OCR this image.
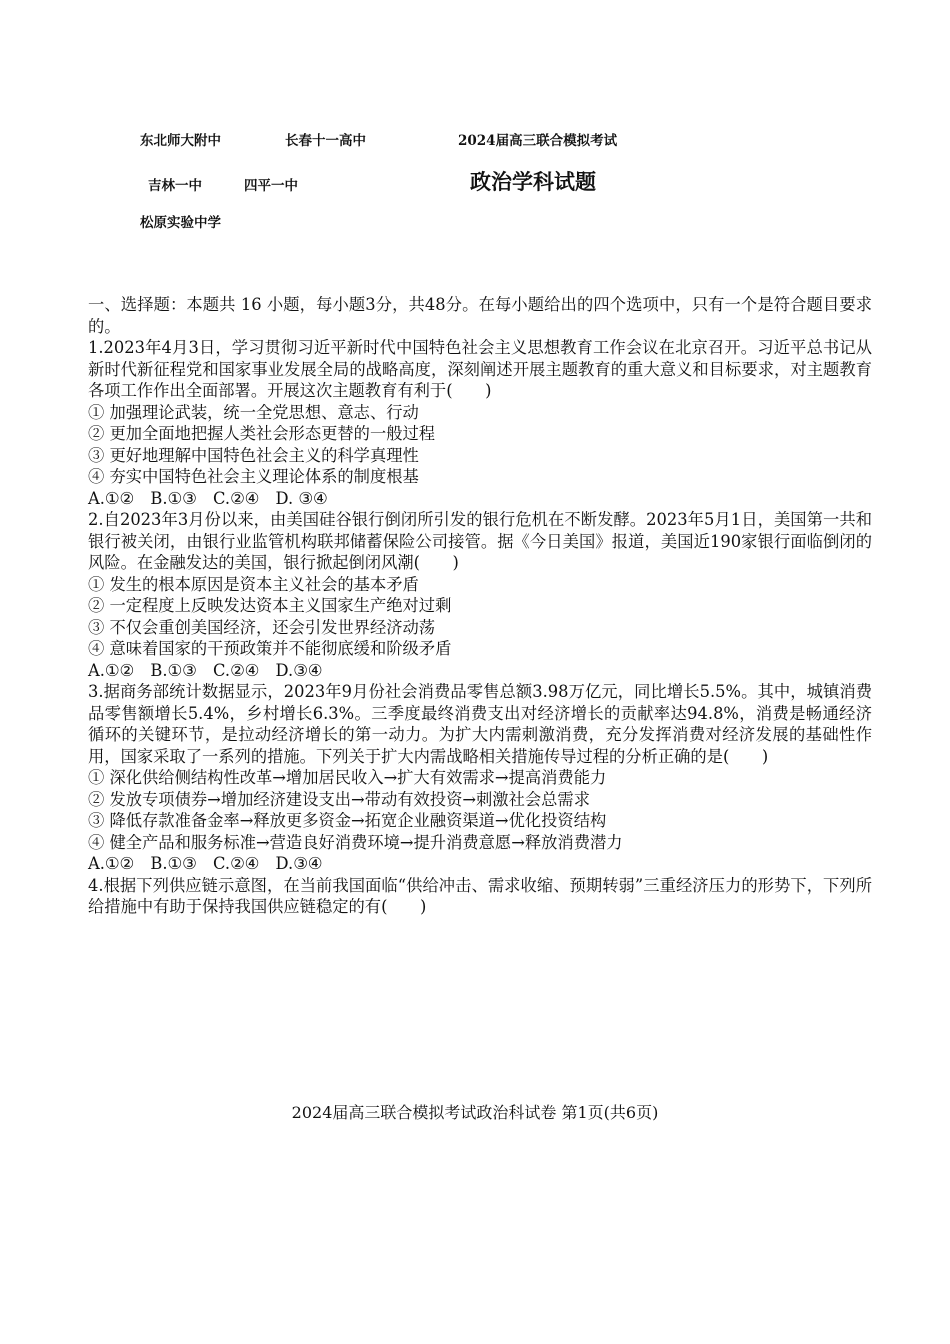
东北师大附中	长春十一高中	2024届高三联合模拟考试
吉林一中	四平一中	政治学科试题
松原实验中学

一、选择题：本题共 16 小题，每小题3分，共48分。在每小题给出的四个选项中，只有一个是符合题目要求的。

1.2023年4月3日，学习贯彻习近平新时代中国特色社会主义思想教育工作会议在北京召开。习近平总书记从新时代新征程党和国家事业发展全局的战略高度，深刻阐述开展主题教育的重大意义和目标要求，对主题教育各项工作作出全面部署。开展这次主题教育有利于(　　)

① 加强理论武装，统一全党思想、意志、行动
② 更加全面地把握人类社会形态更替的一般过程
③ 更好地理解中国特色社会主义的科学真理性
④ 夯实中国特色社会主义理论体系的制度根基
A.①②　B.①③　C.②④　D. ③④

2.自2023年3月份以来，由美国硅谷银行倒闭所引发的银行危机在不断发酵。2023年5月1日，美国第一共和银行被关闭，由银行业监管机构联邦储蓄保险公司接管。据《今日美国》报道，美国近190家银行面临倒闭的风险。在金融发达的美国，银行掀起倒闭风潮(　　)

① 发生的根本原因是资本主义社会的基本矛盾
② 一定程度上反映发达资本主义国家生产绝对过剩
③ 不仅会重创美国经济，还会引发世界经济动荡
④ 意味着国家的干预政策并不能彻底缓和阶级矛盾
A.①②　B.①③　C.②④　D.③④

3.据商务部统计数据显示，2023年9月份社会消费品零售总额3.98万亿元，同比增长5.5%。其中，城镇消费品零售额增长5.4%，乡村增长6.3%。三季度最终消费支出对经济增长的贡献率达94.8%，消费是畅通经济循环的关键环节，是拉动经济增长的第一动力。为扩大内需刺激消费，充分发挥消费对经济发展的基础性作用，国家采取了一系列的措施。下列关于扩大内需战略相关措施传导过程的分析正确的是(　　)

① 深化供给侧结构性改革→增加居民收入→扩大有效需求→提高消费能力
② 发放专项债券→增加经济建设支出→带动有效投资→刺激社会总需求
③ 降低存款准备金率→释放更多资金→拓宽企业融资渠道→优化投资结构
④ 健全产品和服务标准→营造良好消费环境→提升消费意愿→释放消费潜力
A.①②　B.①③　C.②④　D.③④

4.根据下列供应链示意图，在当前我国面临“供给冲击、需求收缩、预期转弱”三重经济压力的形势下，下列所给措施中有助于保持我国供应链稳定的有(　　)

2024届高三联合模拟考试政治科试卷 第1页(共6页)
